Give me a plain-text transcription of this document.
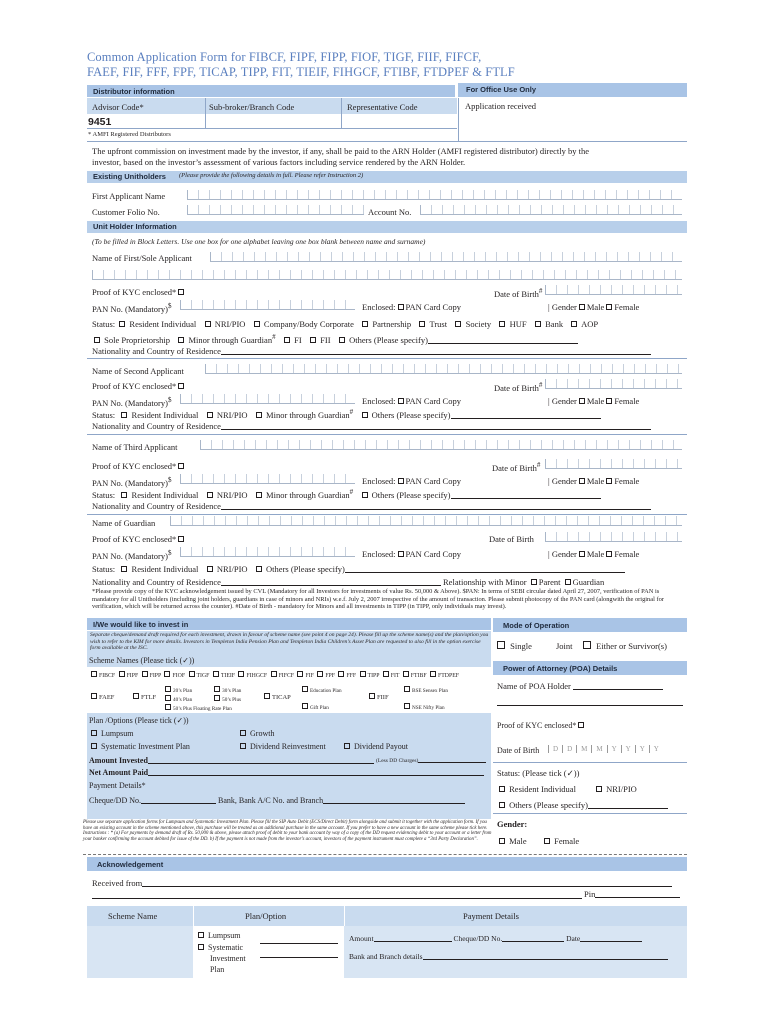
Common Application Form for FIBCF, FIPF, FIPP, FIOF, TIGF, FIIF, FIFCF,
FAEF, FIF, FFF, FPF, TICAP, TIPP, FIT, TIEIF, FIHGCF, FTIBF, FTDPEF & FTLF
Distributor information	For Office Use Only
Advisor Code*	Sub-broker/Branch Code	Representative Code	Application received
9451
* AMFI Registered Distributors
The upfront commission on investment made by the investor, if any, shall be paid to the ARN Holder (AMFI registered distributor) directly by the
investor, based on the investor’s assessment of various factors including service rendered by the ARN Holder.
Existing Unitholders (Please provide the following details in full. Please refer Instruction 2)
First Applicant Name
Customer Folio No.	Account No.
Unit Holder Information
(To be filled in Block Letters. Use one box for one alphabet leaving one box blank between name and surname)
Name of First/Sole Applicant
Proof of KYC enclosed*	Date of Birth#
PAN No. (Mandatory)$	Enclosed: PAN Card Copy	| Gender Male Female
Status: Resident Individual NRI/PIO Company/Body Corporate Partnership Trust Society HUF Bank AOP
Sole Proprietorship Minor through Guardian# FI FII Others (Please specify)
Nationality and Country of Residence
Name of Second Applicant
Proof of KYC enclosed*	Date of Birth#
PAN No. (Mandatory)$	Enclosed: PAN Card Copy	| Gender Male Female
Status: Resident Individual NRI/PIO Minor through Guardian# Others (Please specify)
Nationality and Country of Residence
Name of Third Applicant
Proof of KYC enclosed*	Date of Birth#
PAN No. (Mandatory)$	Enclosed: PAN Card Copy	| Gender Male Female
Status: Resident Individual NRI/PIO Minor through Guardian# Others (Please specify)
Nationality and Country of Residence
Name of Guardian
Proof of KYC enclosed*	Date of Birth
PAN No. (Mandatory)$	Enclosed: PAN Card Copy	| Gender Male Female
Status: Resident Individual NRI/PIO Others (Please specify)
Nationality and Country of Residence	Relationship with Minor Parent Guardian
*Please provide copy of the KYC acknowledgement issued by CVL (Mandatory for all Investors for investments of value Rs. 50,000 & Above). $PAN: In terms of SEBI circular dated April 27, 2007, verification of PAN is mandatory for all Unitholders (including joint holders, guardians in case of minors and NRIs) w.e.f. July 2, 2007 irrespective of the amount of transaction. Please submit photocopy of the PAN card (alongwith the original for verification, which will be returned across the counter). #Date of Birth - mandatory for Minors and all investments in TIPP (in TIPP, only individuals may invest).
I/We would like to invest in
Separate cheque/demand draft required for each investment, drawn in favour of scheme name (see point 4 on page 24). Please fill up the scheme name(s) and the plan/option you wish to refer to the KIM for more details. Investors in Templeton India Pension Plan and Templeton India Children’s Asset Plan are requested to also fill in the option exercise form available at the ISC.
Scheme Names (Please tick (✓))
FIBCF FIPF FIPP FIOF TIGF TIEIF FIHGCF FIFCF FIF FPF FFF TIPP FIT FTIBF FTDPEF
FAEF	FTLF
20’s Plan	30’s Plan
40’s Plan	50’s Plus
50’s Plus Floating Rate Plan
TICAP
Education Plan
Gift Plan
FIIF
BSE Sensex Plan
NSE Nifty Plan
Plan /Options (Please tick (✓))
Lumpsum	Growth
Systematic Investment Plan	Dividend Reinvestment	Dividend Payout
Amount Invested	(Less DD Charges)
Net Amount Paid
Payment Details*
Cheque/DD No.	Bank, Bank A/C No. and Branch
Please use separate application forms for Lumpsum and Systematic Investment Plan. Please fill the SIP Auto Debit (ECS/Direct Debit) form alongside and submit it together with the application form. If you have an existing account in the scheme mentioned above, this purchase will be treated as an additional purchase in the same account. If you prefer to have a new account in the same scheme please tick here. Instructions : * (a) For payments by demand draft of Rs. 50,000 & above, please attach proof of debit to your bank account by way of a copy of the DD request evidencing debit to your account or a letter from your banker confirming the account debited for issue of the DD. b) If the payment is not made from the investor’s account, investors of the payment instrument must complete a “3rd Party Declaration”.
Mode of Operation
Single	Joint	Either or Survivor(s)
Power of Attorney (POA) Details
Name of POA Holder
Proof of KYC enclosed*
Date of Birth	D D M M Y Y Y Y
Status: (Please tick (✓))
Resident Individual	NRI/PIO
Others (Please specify)
Gender:
Male	Female
Acknowledgement
Received from
Pin
Scheme Name	Plan/Option	Payment Details
Lumpsum
Systematic
Investment
Plan
Amount	Cheque/DD No.	Date
Bank and Branch details
